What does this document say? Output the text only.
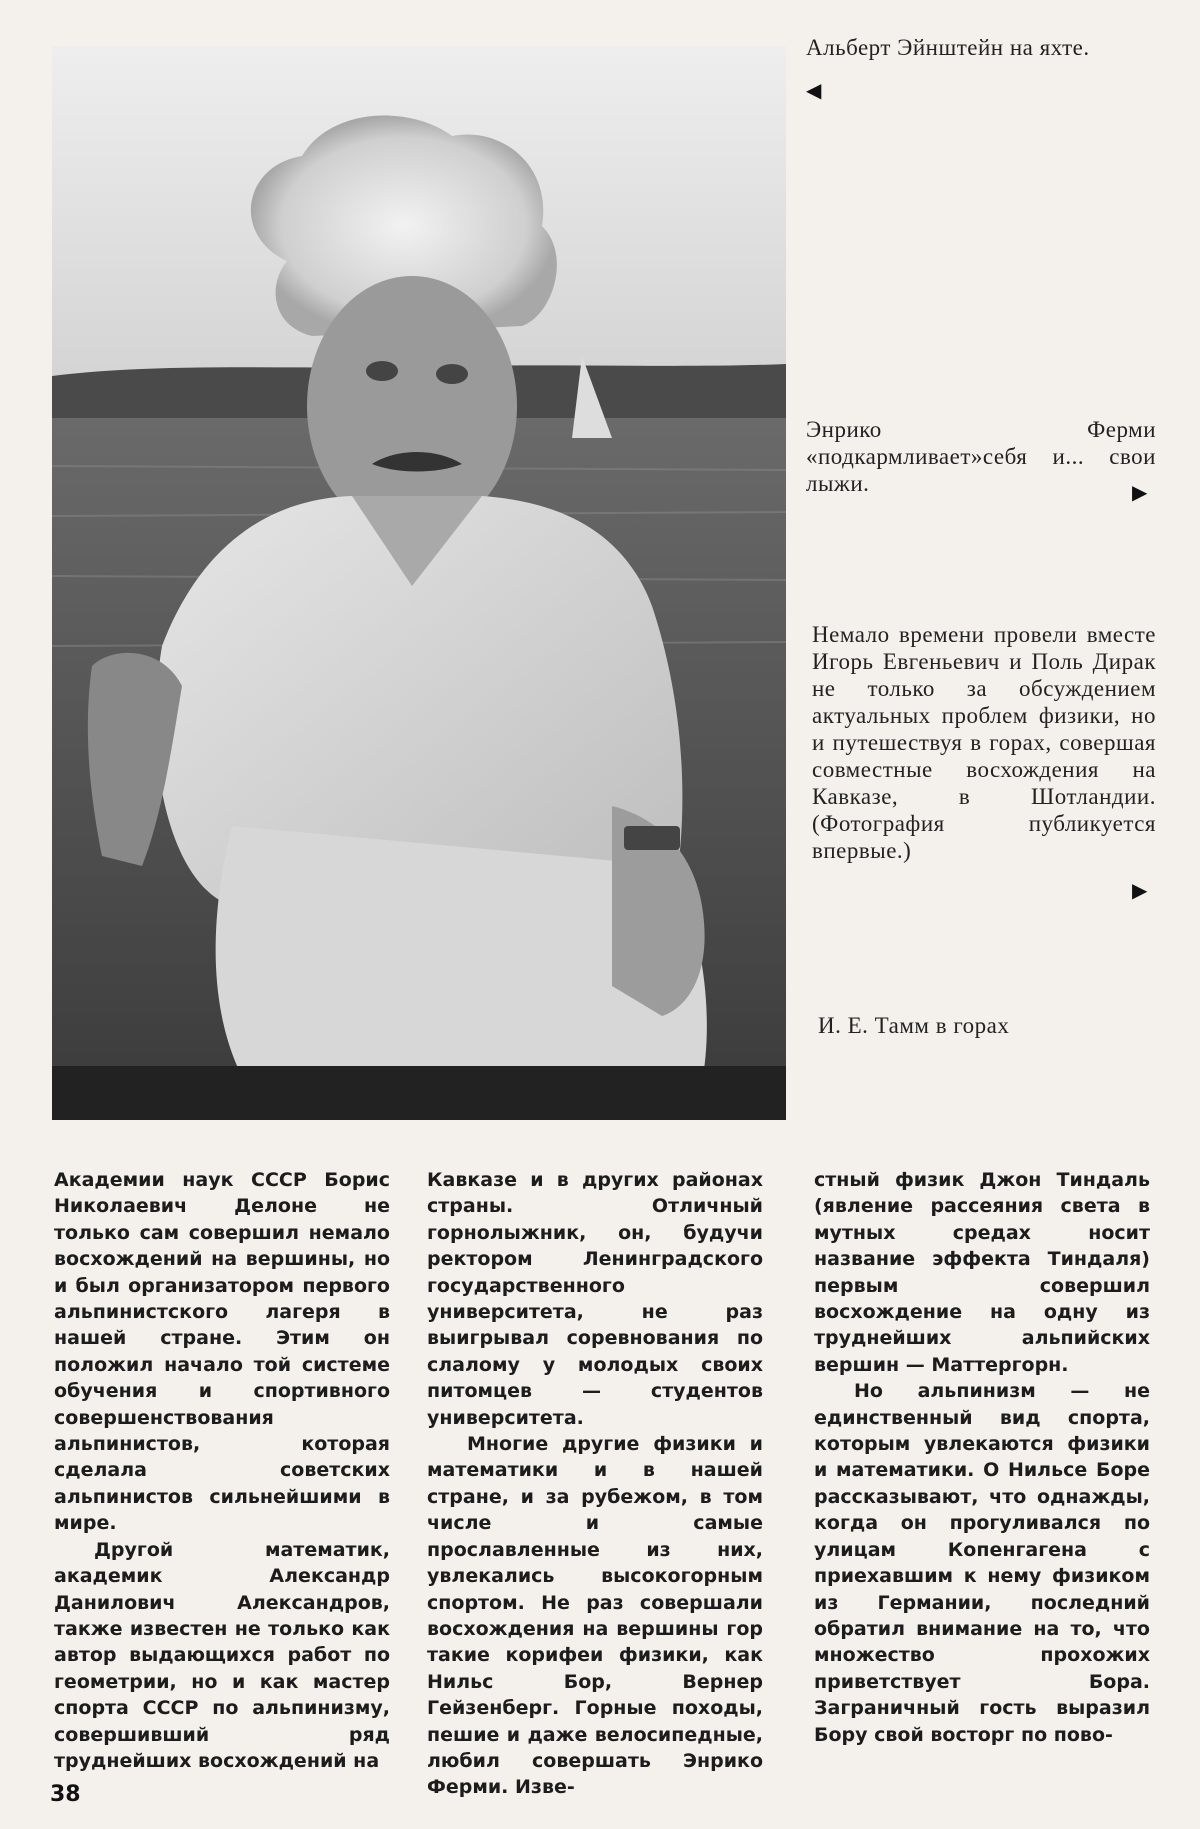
Альберт Эйнштейн на яхте.

◀

Энрико Ферми «подкармливает»себя и... свои лыжи.	▶

Немало времени провели вместе Игорь Евгеньевич и Поль Дирак не только за обсуждением актуальных проблем физики, но и путешествуя в горах, совершая совместные восхождения на Кавказе, в Шотландии. (Фотография публикуется впервые.)

▶

И. Е. Тамм в горах

Академии наук СССР Борис Николаевич Делоне не только сам совершил немало восхождений на вершины, но и был организатором первого альпинистского лагеря в нашей стране. Этим он положил начало той системе обучения и спортивного совершенствования альпинистов, которая сделала советских альпинистов сильнейшими в мире.

Другой математик, академик Александр Данилович Александров, также известен не только как автор выдающихся работ по геометрии, но и как мастер спорта СССР по альпинизму, совершивший ряд труднейших восхождений на

Кавказе и в других районах страны. Отличный горнолыжник, он, будучи ректором Ленинградского государственного университета, не раз выигрывал соревнования по слалому у молодых своих питомцев — студентов университета.

Многие другие физики и математики и в нашей стране, и за рубежом, в том числе и самые прославленные из них, увлекались высокогорным спортом. Не раз совершали восхождения на вершины гор такие корифеи физики, как Нильс Бор, Вернер Гейзенберг. Горные походы, пешие и даже велосипедные, любил совершать Энрико Ферми. Изве-

стный физик Джон Тиндаль (явление рассеяния света в мутных средах носит название эффекта Тиндаля) первым совершил восхождение на одну из труднейших альпийских вершин — Маттергорн.

Но альпинизм — не единственный вид спорта, которым увлекаются физики и математики. О Нильсе Боре рассказывают, что однажды, когда он прогуливался по улицам Копенгагена с приехавшим к нему физиком из Германии, последний обратил внимание на то, что множество прохожих приветствует Бора. Заграничный гость выразил Бору свой восторг по пово-

38
